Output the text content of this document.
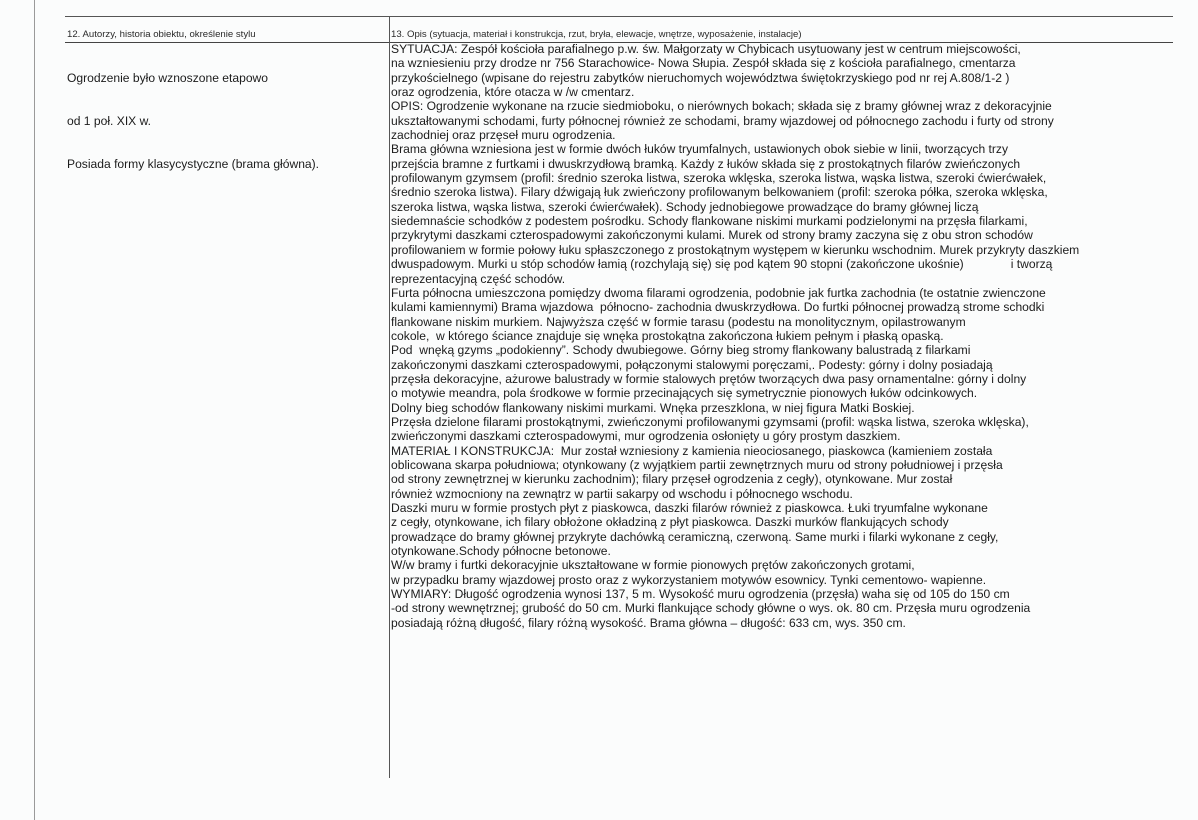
12. Autorzy, historia obiektu, określenie stylu

Ogrodzenie było wznoszone etapowo

od 1 poł. XIX w.

Posiada formy klasycystyczne (brama główna).

13. Opis (sytuacja, materiał i konstrukcja, rzut, bryła, elewacje, wnętrze, wyposażenie, instalacje)
SYTUACJA: Zespół kościoła parafialnego p.w. św. Małgorzaty w Chybicach usytuowany jest w centrum miejscowości,
na wzniesieniu przy drodze nr 756 Starachowice- Nowa Słupia. Zespół składa się z kościoła parafialnego, cmentarza
przykościelnego (wpisane do rejestru zabytków nieruchomych województwa świętokrzyskiego pod nr rej A.808/1-2 )
oraz ogrodzenia, które otacza w /w cmentarz.
OPIS: Ogrodzenie wykonane na rzucie siedmioboku, o nierównych bokach; składa się z bramy głównej wraz z dekoracyjnie
ukształtowanymi schodami, furty północnej również ze schodami, bramy wjazdowej od północnego zachodu i furty od strony
zachodniej oraz przęseł muru ogrodzenia.
Brama główna wzniesiona jest w formie dwóch łuków tryumfalnych, ustawionych obok siebie w linii, tworzących trzy
przejścia bramne z furtkami i dwuskrzydłową bramką. Każdy z łuków składa się z prostokątnych filarów zwieńczonych
profilowanym gzymsem (profil: średnio szeroka listwa, szeroka wklęska, szeroka listwa, wąska listwa, szeroki ćwierćwałek,
średnio szeroka listwa). Filary dźwigają łuk zwieńczony profilowanym belkowaniem (profil: szeroka półka, szeroka wklęska,
szeroka listwa, wąska listwa, szeroki ćwierćwałek). Schody jednobiegowe prowadzące do bramy głównej liczą
siedemnaście schodków z podestem pośrodku. Schody flankowane niskimi murkami podzielonymi na przęsła filarkami,
przykrytymi daszkami czterospadowymi zakończonymi kulami. Murek od strony bramy zaczyna się z obu stron schodów
profilowaniem w formie połowy łuku spłaszczonego z prostokątnym występem w kierunku wschodnim. Murek przykryty daszkiem
dwuspadowym. Murki u stóp schodów łamią (rozchylają się) się pod kątem 90 stopni (zakończone ukośnie)              i tworzą
reprezentacyjną część schodów.
Furta północna umieszczona pomiędzy dwoma filarami ogrodzenia, podobnie jak furtka zachodnia (te ostatnie zwienczone
kulami kamiennymi) Brama wjazdowa  północno- zachodnia dwuskrzydłowa. Do furtki północnej prowadzą strome schodki
flankowane niskim murkiem. Najwyższa część w formie tarasu (podestu na monolitycznym, opilastrowanym
cokole,  w którego ściance znajduje się wnęka prostokątna zakończona łukiem pełnym i płaską opaską.
Pod  wnęką gzyms „podokienny”. Schody dwubiegowe. Górny bieg stromy flankowany balustradą z filarkami
zakończonymi daszkami czterospadowymi, połączonymi stalowymi poręczami,. Podesty: górny i dolny posiadają
przęsła dekoracyjne, ażurowe balustrady w formie stalowych prętów tworzących dwa pasy ornamentalne: górny i dolny
o motywie meandra, pola środkowe w formie przecinających się symetrycznie pionowych łuków odcinkowych.
Dolny bieg schodów flankowany niskimi murkami. Wnęka przeszklona, w niej figura Matki Boskiej.
Przęsła dzielone filarami prostokątnymi, zwieńczonymi profilowanymi gzymsami (profil: wąska listwa, szeroka wklęska),
zwieńczonymi daszkami czterospadowymi, mur ogrodzenia osłonięty u góry prostym daszkiem.
MATERIAŁ I KONSTRUKCJA:  Mur został wzniesiony z kamienia nieociosanego, piaskowca (kamieniem została
oblicowana skarpa południowa; otynkowany (z wyjątkiem partii zewnętrznych muru od strony południowej i przęsła
od strony zewnętrznej w kierunku zachodnim); filary przęseł ogrodzenia z cegły), otynkowane. Mur został
również wzmocniony na zewnątrz w partii sakarpy od wschodu i północnego wschodu.
Daszki muru w formie prostych płyt z piaskowca, daszki filarów również z piaskowca. Łuki tryumfalne wykonane
z cegły, otynkowane, ich filary obłożone okładziną z płyt piaskowca. Daszki murków flankujących schody
prowadzące do bramy głównej przykryte dachówką ceramiczną, czerwoną. Same murki i filarki wykonane z cegły,
otynkowane.Schody północne betonowe.
W/w bramy i furtki dekoracyjnie ukształtowane w formie pionowych prętów zakończonych grotami,
w przypadku bramy wjazdowej prosto oraz z wykorzystaniem motywów esownicy. Tynki cementowo- wapienne.
WYMIARY: Długość ogrodzenia wynosi 137, 5 m. Wysokość muru ogrodzenia (przęsła) waha się od 105 do 150 cm
-od strony wewnętrznej; grubość do 50 cm. Murki flankujące schody główne o wys. ok. 80 cm. Przęsła muru ogrodzenia
posiadają różną długość, filary różną wysokość. Brama główna – długość: 633 cm, wys. 350 cm.
